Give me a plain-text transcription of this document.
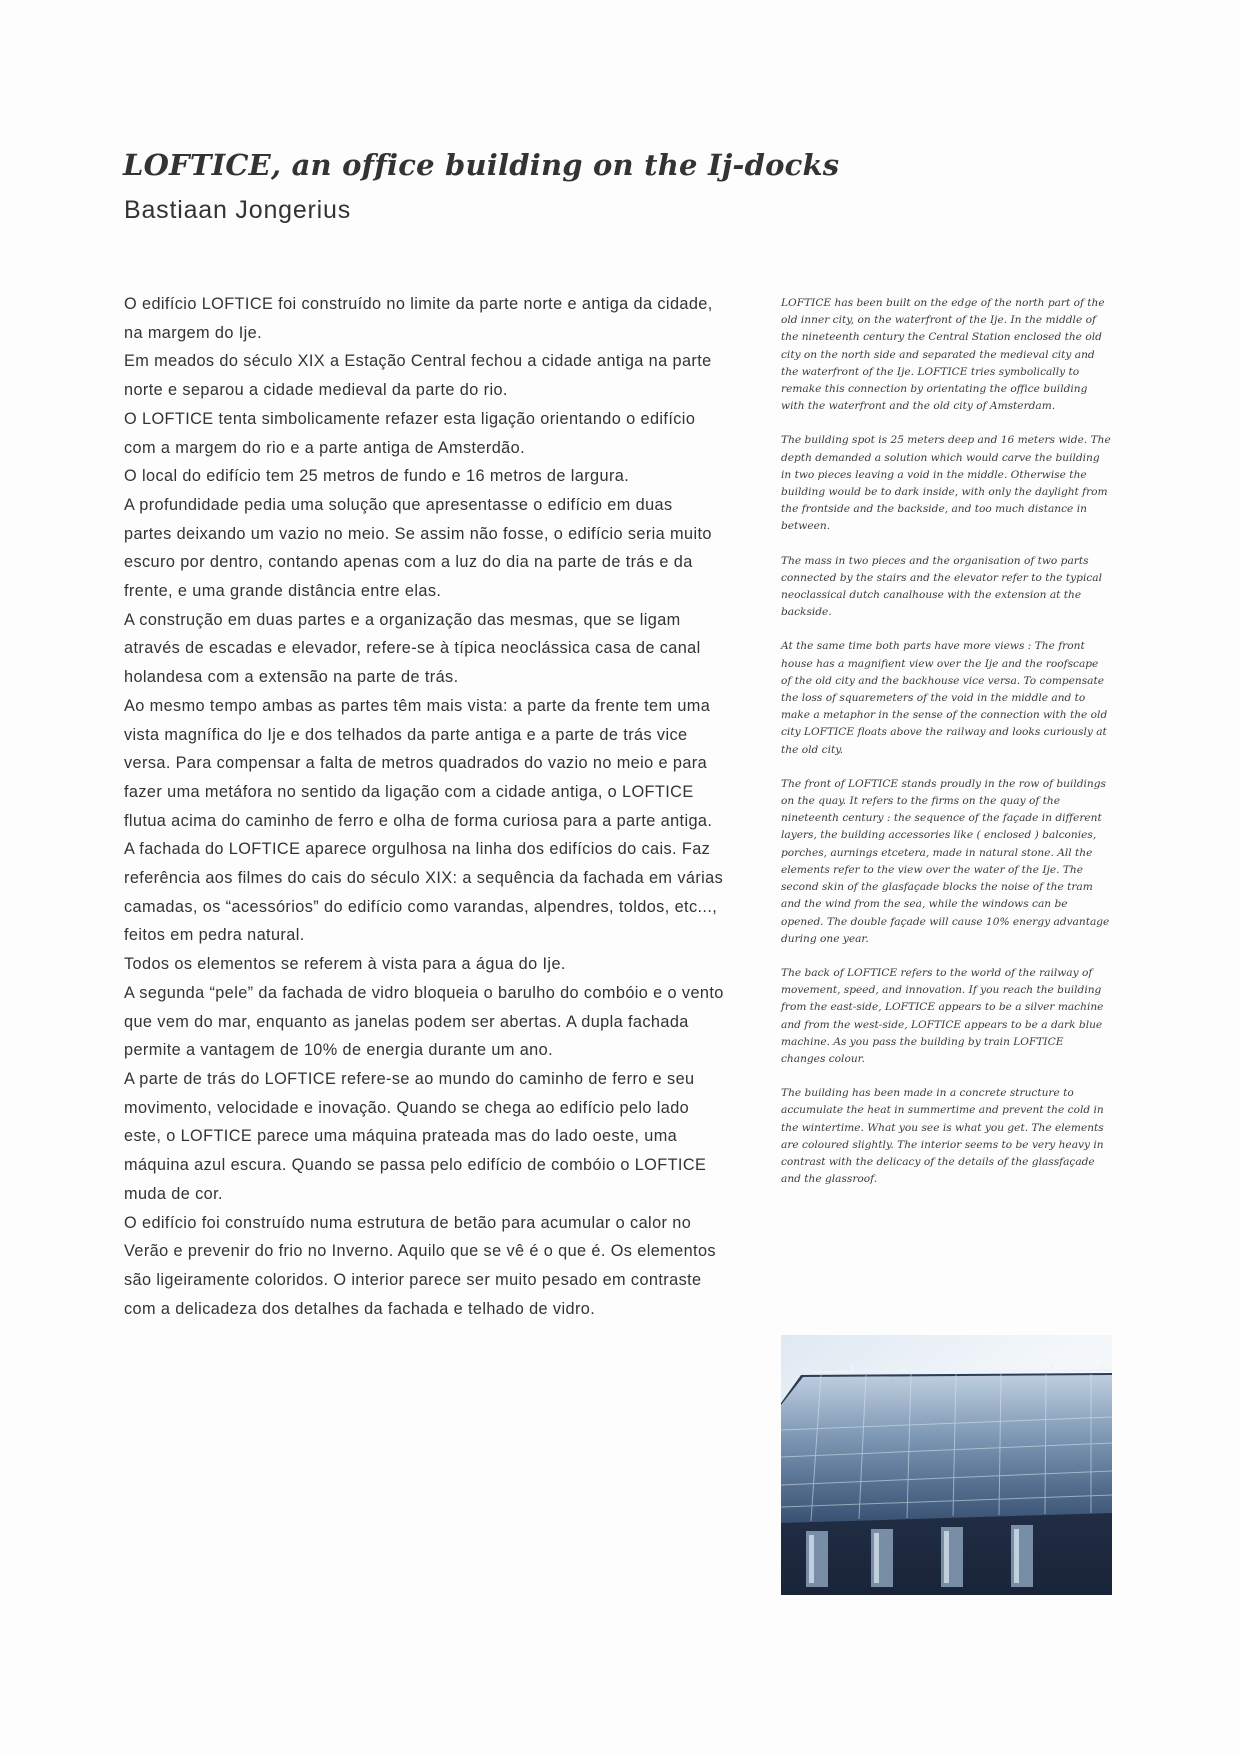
LOFTICE, an office building on the Ij-docks
Bastiaan Jongerius

O edifício LOFTICE foi construído no limite da parte norte e antiga da cidade, na margem do Ije.

Em meados do século XIX a Estação Central fechou a cidade antiga na parte norte e separou a cidade medieval da parte do rio.

O LOFTICE tenta simbolicamente refazer esta ligação orientando o edifício com a margem do rio e a parte antiga de Amsterdão.

O local do edifício tem 25 metros de fundo e 16 metros de largura.

A profundidade pedia uma solução que apresentasse o edifício em duas partes deixando um vazio no meio. Se assim não fosse, o edifício seria muito escuro por dentro, contando apenas com a luz do dia na parte de trás e da frente, e uma grande distância entre elas.

A construção em duas partes e a organização das mesmas, que se ligam através de escadas e elevador, refere-se à típica neoclássica casa de canal holandesa com a extensão na parte de trás.

Ao mesmo tempo ambas as partes têm mais vista: a parte da frente tem uma vista magnífica do Ije e dos telhados da parte antiga e a parte de trás vice versa. Para compensar a falta de metros quadrados do vazio no meio e para fazer uma metáfora no sentido da ligação com a cidade antiga, o LOFTICE flutua acima do caminho de ferro e olha de forma curiosa para a parte antiga.

A fachada do LOFTICE aparece orgulhosa na linha dos edifícios do cais. Faz referência aos filmes do cais do século XIX: a sequência da fachada em várias camadas, os “acessórios” do edifício como varandas, alpendres, toldos, etc..., feitos em pedra natural.

Todos os elementos se referem à vista para a água do Ije.

A segunda “pele” da fachada de vidro bloqueia o barulho do combóio e o vento que vem do mar, enquanto as janelas podem ser abertas. A dupla fachada permite a vantagem de 10% de energia durante um ano.

A parte de trás do LOFTICE refere-se ao mundo do caminho de ferro e seu movimento, velocidade e inovação. Quando se chega ao edifício pelo lado este, o LOFTICE parece uma máquina prateada mas do lado oeste, uma máquina azul escura. Quando se passa pelo edifício de combóio o LOFTICE muda de cor.

O edifício foi construído numa estrutura de betão para acumular o calor no Verão e prevenir do frio no Inverno. Aquilo que se vê é o que é. Os elementos são ligeiramente coloridos. O interior parece ser muito pesado em contraste com a delicadeza dos detalhes da fachada e telhado de vidro.

LOFTICE has been built on the edge of the north part of the old inner city, on the waterfront of the Ije. In the middle of the nineteenth century the Central Station enclosed the old city on the north side and separated the medieval city and the waterfront of the Ije. LOFTICE tries symbolically to remake this connection by orientating the office building with the waterfront and the old city of Amsterdam.

The building spot is 25 meters deep and 16 meters wide. The depth demanded a solution which would carve the building in two pieces leaving a void in the middle. Otherwise the building would be to dark inside, with only the daylight from the frontside and the backside, and too much distance in between.

The mass in two pieces and the organisation of two parts connected by the stairs and the elevator refer to the typical neoclassical dutch canalhouse with the extension at the backside.

At the same time both parts have more views : The front house has a magnifient view over the Ije and the roofscape of the old city and the backhouse vice versa. To compensate the loss of squaremeters of the void in the middle and to make a metaphor in the sense of the connection with the old city LOFTICE floats above the railway and looks curiously at the old city.

The front of LOFTICE stands proudly in the row of buildings on the quay. It refers to the firms on the quay of the nineteenth century : the sequence of the façade in different layers, the building accessories like ( enclosed ) balconies, porches, aurnings etcetera, made in natural stone. All the elements refer to the view over the water of the Ije. The second skin of the glasfaçade blocks the noise of the tram and the wind from the sea, while the windows can be opened. The double façade will cause 10% energy advantage during one year.

The back of LOFTICE refers to the world of the railway of movement, speed, and innovation. If you reach the building from the east-side, LOFTICE appears to be a silver machine and from the west-side, LOFTICE appears to be a dark blue machine. As you pass the building by train LOFTICE changes colour.

The building has been made in a concrete structure to accumulate the heat in summertime and prevent the cold in the wintertime. What you see is what you get. The elements are coloured slightly. The interior seems to be very heavy in contrast with the delicacy of the details of the glassfaçade and the glassroof.
